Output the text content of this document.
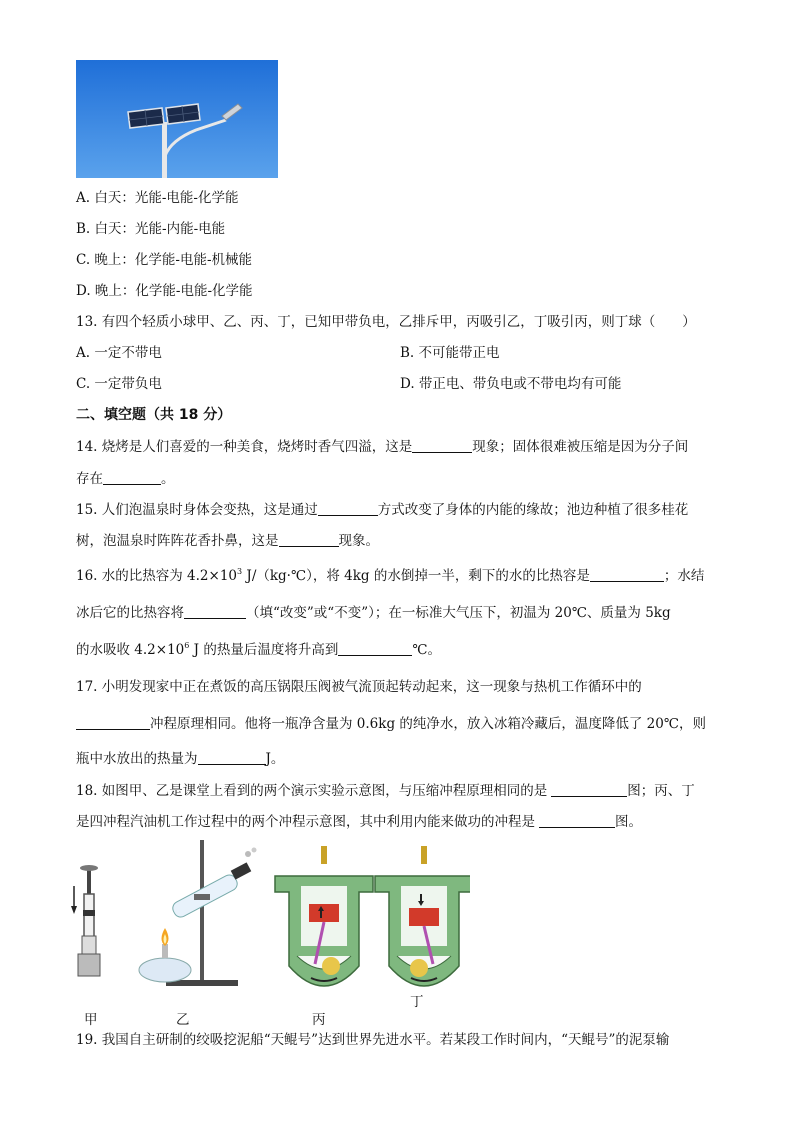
A. 白天：光能-电能-化学能
B. 白天：光能-内能-电能
C. 晚上：化学能-电能-机械能
D. 晚上：化学能-电能-化学能
13. 有四个轻质小球甲、乙、丙、丁，已知甲带负电，乙排斥甲，丙吸引乙，丁吸引丙，则丁球（　　）
A. 一定不带电	B. 不可能带正电
C. 一定带负电	D. 带正电、带负电或不带电均有可能
二、填空题（共 18 分）
14. 烧烤是人们喜爱的一种美食，烧烤时香气四溢，这是	现象；固体很难被压缩是因为分子间
存在	。
15. 人们泡温泉时身体会变热，这是通过	方式改变了身体的内能的缘故；池边种植了很多桂花
树，泡温泉时阵阵花香扑鼻，这是	现象。
16. 水的比热容为 $4.2\times 10^3$ J/（kg·℃），将 4kg 的水倒掉一半，剩下的水的比热容是	；水结
冰后它的比热容将	（填“改变”或“不变”）；在一标准大气压下，初温为 20℃、质量为 5kg
的水吸收 $4.2\times 10^6$ J 的热量后温度将升高到	℃。
17. 小明发现家中正在煮饭的高压锅限压阀被气流顶起转动起来，这一现象与热机工作循环中的
冲程原理相同。他将一瓶净含量为 0.6kg 的纯净水，放入冰箱冷藏后，温度降低了 20℃，则
瓶中水放出的热量为	J。
18. 如图甲、乙是课堂上看到的两个演示实验示意图，与压缩冲程原理相同的是	图；丙、丁
是四冲程汽油机工作过程中的两个冲程示意图，其中利用内能来做功的冲程是	图。
甲	乙	丙
丁
19. 我国自主研制的绞吸挖泥船“天鲲号”达到世界先进水平。若某段工作时间内，“天鲲号”的泥泵输
